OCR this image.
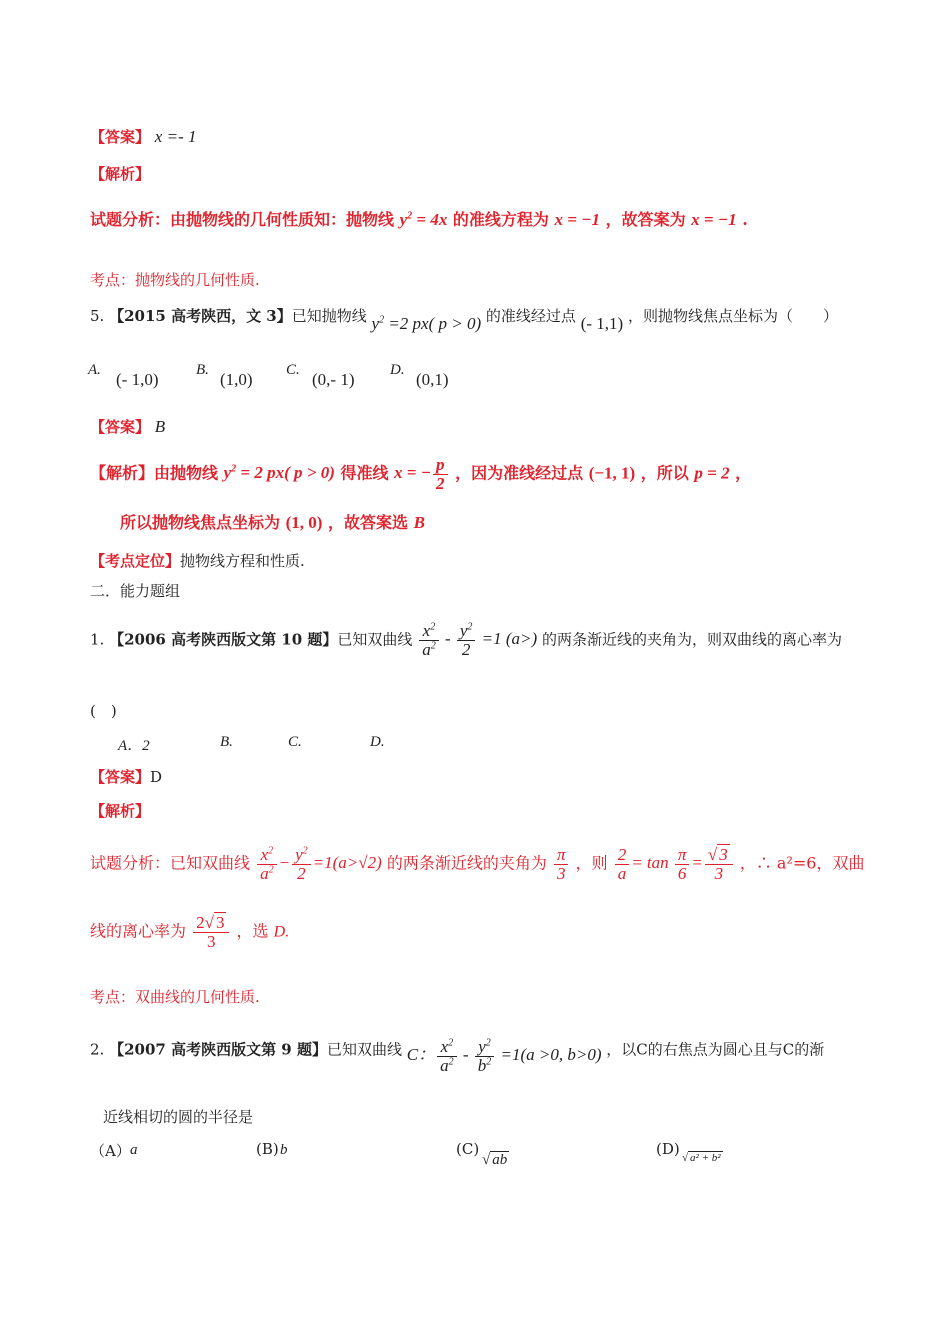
【答案】 x =- 1
【解析】
试题分析：由抛物线的几何性质知：抛物线 $y^2 = 4x$ 的准线方程为 x = −1 ，故答案为 x = −1 .
考点：抛物线的几何性质.
5. 【2015 高考陕西，文 3】已知抛物线 $y^2 =2$ px( p > 0) 的准线经过点 (- 1,1) ，则抛物线焦点坐标为（　　）
A. (- 1,0)	B. (1,0) C. (0,- 1) D. (0,1)
【答案】 B
【解析】由抛物线 $y^2 = 2$ px( p > 0) 得准线 x = − $\frac{p}{2}$ ，因为准线经过点 (−1, 1) ，所以 p = 2 ，
所以抛物线焦点坐标为 (1, 0) ，故答案选 B
【考点定位】抛物线方程和性质.
二．能力题组
1. 【2006 高考陕西版文第 10 题】已知双曲线 $\frac{x^2}{a^2} - \frac{y^2}{2} =1$ (a>) 的两条渐近线的夹角为，则双曲线的离心率为
(　)
A．2	B.	C.	D.
【答案】D
【解析】
试题分析：已知双曲线 $\frac{x^2}{a^2} - \frac{y^2}{2} =1(a>√2)$ 的两条渐近线的夹角为 $\frac{\pi}{3}$ ，则 $\frac{2}{a} = \tan \frac{\pi}{6} = \frac{√ 3}{3}$ ，∴ a²=6，双曲
线的离心率为 $\frac{2√ 3}{3}$ ，选 D.
考点：双曲线的几何性质.
2. 【2007 高考陕西版文第 9 题】已知双曲线 C： $\frac{x^2}{a^2} - \frac{y^2}{b^2} =1(a >0$, b>0) ，以C的右焦点为圆心且与C的渐
近线相切的圆的半径是
（A） a	(B) b	(C)
√ ab
(D) √ a² + b²
